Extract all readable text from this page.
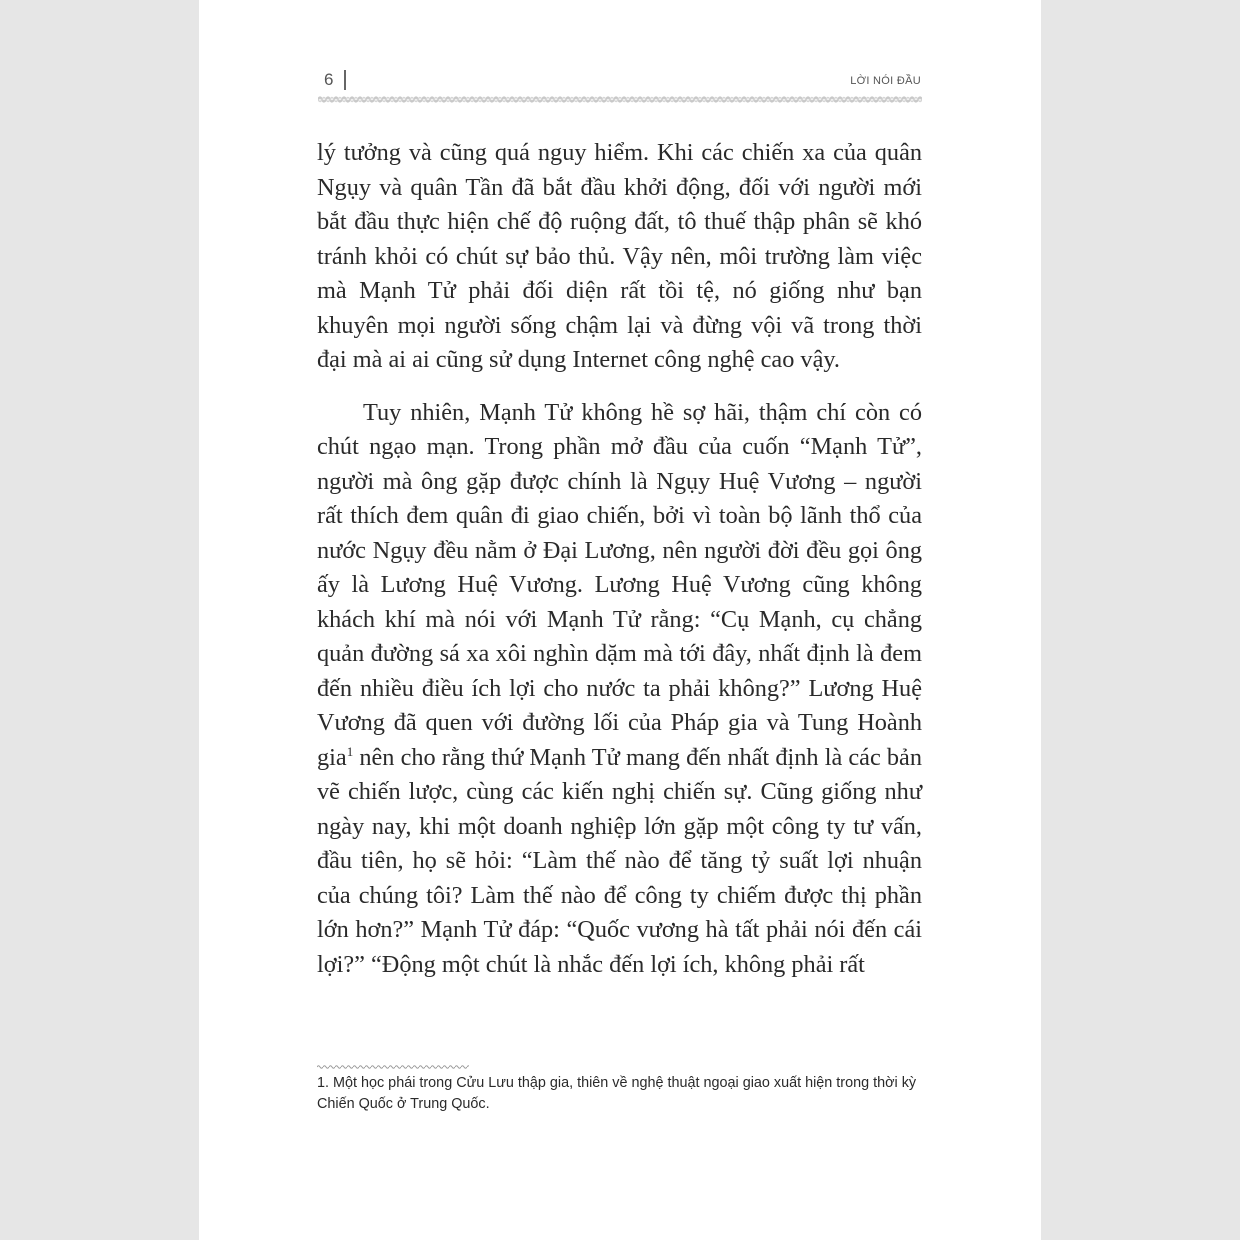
6	LỜI NÓI ĐẦU

lý tưởng và cũng quá nguy hiểm. Khi các chiến xa của quân Ngụy và quân Tần đã bắt đầu khởi động, đối với người mới bắt đầu thực hiện chế độ ruộng đất, tô thuế thập phân sẽ khó tránh khỏi có chút sự bảo thủ. Vậy nên, môi trường làm việc mà Mạnh Tử phải đối diện rất tồi tệ, nó giống như bạn khuyên mọi người sống chậm lại và đừng vội vã trong thời đại mà ai ai cũng sử dụng Internet công nghệ cao vậy.

Tuy nhiên, Mạnh Tử không hề sợ hãi, thậm chí còn có chút ngạo mạn. Trong phần mở đầu của cuốn “Mạnh Tử”, người mà ông gặp được chính là Ngụy Huệ Vương – người rất thích đem quân đi giao chiến, bởi vì toàn bộ lãnh thổ của nước Ngụy đều nằm ở Đại Lương, nên người đời đều gọi ông ấy là Lương Huệ Vương. Lương Huệ Vương cũng không khách khí mà nói với Mạnh Tử rằng: “Cụ Mạnh, cụ chẳng quản đường sá xa xôi nghìn dặm mà tới đây, nhất định là đem đến nhiều điều ích lợi cho nước ta phải không?” Lương Huệ Vương đã quen với đường lối của Pháp gia và Tung Hoành gia$^1$ nên cho rằng thứ Mạnh Tử mang đến nhất định là các bản vẽ chiến lược, cùng các kiến nghị chiến sự. Cũng giống như ngày nay, khi một doanh nghiệp lớn gặp một công ty tư vấn, đầu tiên, họ sẽ hỏi: “Làm thế nào để tăng tỷ suất lợi nhuận của chúng tôi? Làm thế nào để công ty chiếm được thị phần lớn hơn?” Mạnh Tử đáp: “Quốc vương hà tất phải nói đến cái lợi?” “Động một chút là nhắc đến lợi ích, không phải rất

1. Một học phái trong Cửu Lưu thập gia, thiên về nghệ thuật ngoại giao xuất hiện trong thời kỳ Chiến Quốc ở Trung Quốc.
